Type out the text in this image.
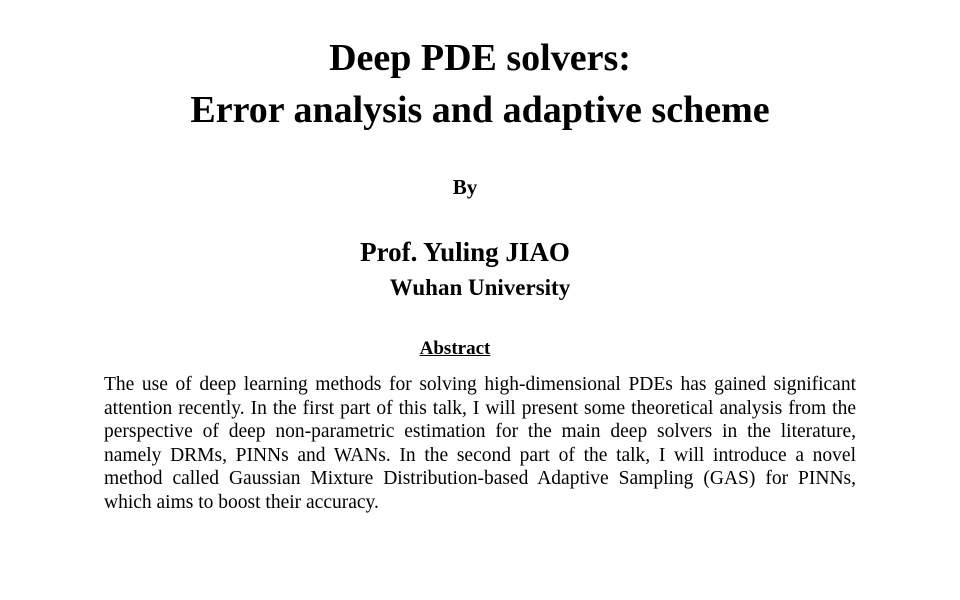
Deep PDE solvers:
Error analysis and adaptive scheme
By
Prof. Yuling JIAO
Wuhan University
Abstract
The use of deep learning methods for solving high-dimensional PDEs has gained significant attention recently. In the first part of this talk, I will present some theoretical analysis from the perspective of deep non-parametric estimation for the main deep solvers in the literature, namely DRMs, PINNs and WANs. In the second part of the talk, I will introduce a novel method called Gaussian Mixture Distribution-based Adaptive Sampling (GAS) for PINNs, which aims to boost their accuracy.
